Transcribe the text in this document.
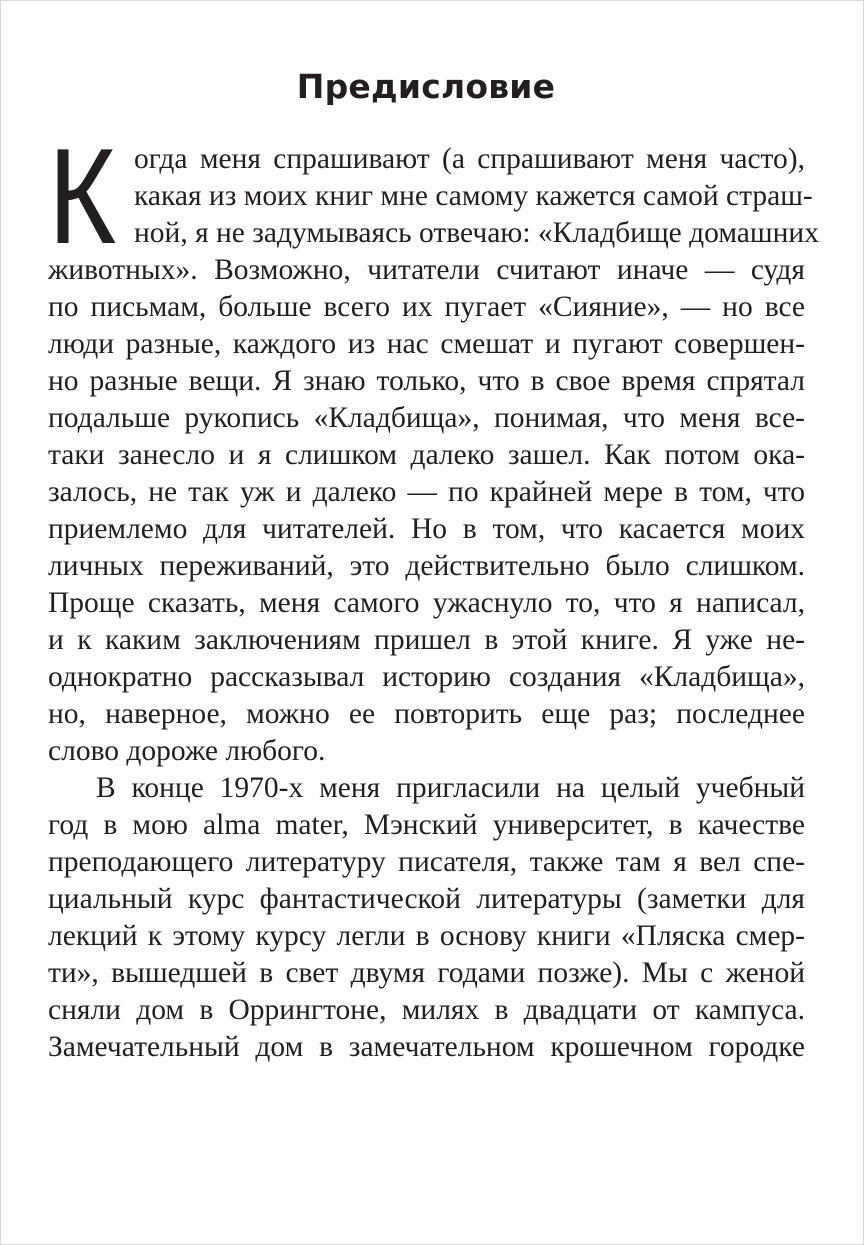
Предисловие
К огда меня спрашивают (а спрашивают меня часто),
какая из моих книг мне самому кажется самой страш-
ной, я не задумываясь отвечаю: «Кладбище домашних
животных». Возможно, читатели считают иначе — судя
по письмам, больше всего их пугает «Сияние», — но все
люди разные, каждого из нас смешат и пугают совершен-
но разные вещи. Я знаю только, что в свое время спрятал
подальше рукопись «Кладбища», понимая, что меня все-
таки занесло и я слишком далеко зашел. Как потом ока-
залось, не так уж и далеко — по крайней мере в том, что
приемлемо для читателей. Но в том, что касается моих
личных переживаний, это действительно было слишком.
Проще сказать, меня самого ужаснуло то, что я написал,
и к каким заключениям пришел в этой книге. Я уже не-
однократно рассказывал историю создания «Кладбища»,
но, наверное, можно ее повторить еще раз; последнее
слово дороже любого.
В конце 1970-х меня пригласили на целый учебный
год в мою alma mater, Мэнский университет, в качестве
преподающего литературу писателя, также там я вел спе-
циальный курс фантастической литературы (заметки для
лекций к этому курсу легли в основу книги «Пляска смер-
ти», вышедшей в свет двумя годами позже). Мы с женой
сняли дом в Оррингтоне, милях в двадцати от кампуса.
Замечательный дом в замечательном крошечном городке
